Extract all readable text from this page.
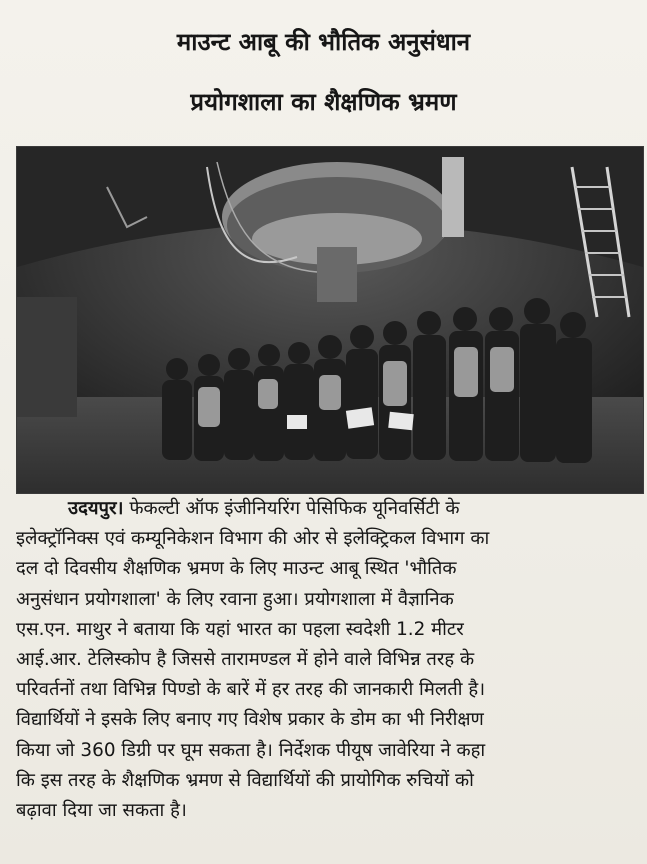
माउन्ट आबू की भौतिक अनुसंधान
प्रयोगशाला का शैक्षणिक भ्रमण
उदयपुर। फेकल्टी ऑफ इंजीनियरिंग पेसिफिक यूनिवर्सिटी के
इलेक्ट्रॉनिक्स एवं कम्यूनिकेशन विभाग की ओर से इलेक्ट्रिकल विभाग का
दल दो दिवसीय शैक्षणिक भ्रमण के लिए माउन्ट आबू स्थित 'भौतिक
अनुसंधान प्रयोगशाला' के लिए रवाना हुआ। प्रयोगशाला में वैज्ञानिक
एस.एन. माथुर ने बताया कि यहां भारत का पहला स्वदेशी 1.2 मीटर
आई.आर. टेलिस्कोप है जिससे तारामण्डल में होने वाले विभिन्न तरह के
परिवर्तनों तथा विभिन्न पिण्डो के बारें में हर तरह की जानकारी मिलती है।
विद्यार्थियों ने इसके लिए बनाए गए विशेष प्रकार के डोम का भी निरीक्षण
किया जो 360 डिग्री पर घूम सकता है। निर्देशक पीयूष जावेरिया ने कहा
कि इस तरह के शैक्षणिक भ्रमण से विद्यार्थियों की प्रायोगिक रुचियों को
बढ़ावा दिया जा सकता है।
